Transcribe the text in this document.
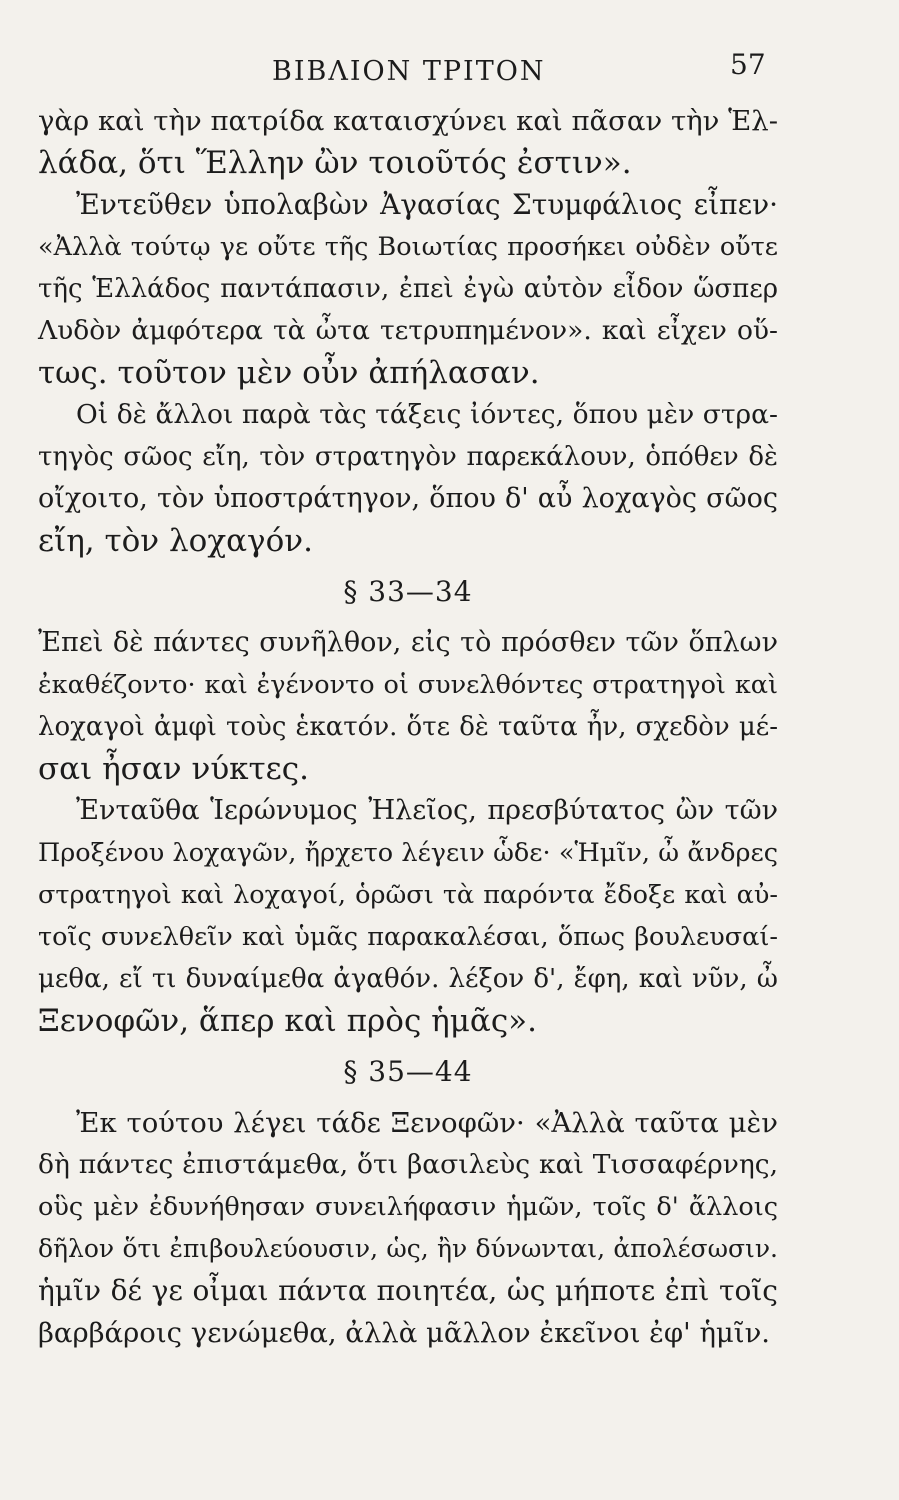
ΒΙΒΛΙΟΝ ΤΡΙΤΟΝ	57
γὰρ καὶ τὴν πατρίδα καταισχύνει καὶ πᾶσαν τὴν Ἑλ-
λάδα, ὅτι Ἕλλην ὢν τοιοῦτός ἐστιν».
Ἐντεῦθεν ὑπολαβὼν Ἀγασίας Στυμφάλιος εἶπεν·
«Ἀλλὰ τούτῳ γε οὔτε τῆς Βοιωτίας προσήκει οὐδὲν οὔτε
τῆς Ἑλλάδος παντάπασιν, ἐπεὶ ἐγὼ αὐτὸν εἶδον ὥσπερ
Λυδὸν ἀμφότερα τὰ ὦτα τετρυπημένον». καὶ εἶχεν οὕ-
τως. τοῦτον μὲν οὖν ἀπήλασαν.
Οἱ δὲ ἄλλοι παρὰ τὰς τάξεις ἰόντες, ὅπου μὲν στρα-
τηγὸς σῶος εἴη, τὸν στρατηγὸν παρεκάλουν, ὁπόθεν δὲ
οἴχοιτο, τὸν ὑποστράτηγον, ὅπου δ' αὖ λοχαγὸς σῶος
εἴη, τὸν λοχαγόν.
§ 33—34
Ἐπεὶ δὲ πάντες συνῆλθον, εἰς τὸ πρόσθεν τῶν ὅπλων
ἐκαθέζοντο· καὶ ἐγένοντο οἱ συνελθόντες στρατηγοὶ καὶ
λοχαγοὶ ἀμφὶ τοὺς ἑκατόν. ὅτε δὲ ταῦτα ἦν, σχεδὸν μέ-
σαι ἦσαν νύκτες.
Ἐνταῦθα Ἱερώνυμος Ἠλεῖος, πρεσβύτατος ὢν τῶν
Προξένου λοχαγῶν, ἤρχετο λέγειν ὧδε· «Ἡμῖν, ὦ ἄνδρες
στρατηγοὶ καὶ λοχαγοί, ὁρῶσι τὰ παρόντα ἔδοξε καὶ αὐ-
τοῖς συνελθεῖν καὶ ὑμᾶς παρακαλέσαι, ὅπως βουλευσαί-
μεθα, εἴ τι δυναίμεθα ἀγαθόν. λέξον δ', ἔφη, καὶ νῦν, ὦ
Ξενοφῶν, ἅπερ καὶ πρὸς ἡμᾶς».
§ 35—44
Ἐκ τούτου λέγει τάδε Ξενοφῶν· «Ἀλλὰ ταῦτα μὲν
δὴ πάντες ἐπιστάμεθα, ὅτι βασιλεὺς καὶ Τισσαφέρνης,
οὓς μὲν ἐδυνήθησαν συνειλήφασιν ἡμῶν, τοῖς δ' ἄλλοις
δῆλον ὅτι ἐπιβουλεύουσιν, ὡς, ἢν δύνωνται, ἀπολέσωσιν.
ἡμῖν δέ γε οἶμαι πάντα ποιητέα, ὡς μήποτε ἐπὶ τοῖς
βαρβάροις γενώμεθα, ἀλλὰ μᾶλλον ἐκεῖνοι ἐφ' ἡμῖν.
